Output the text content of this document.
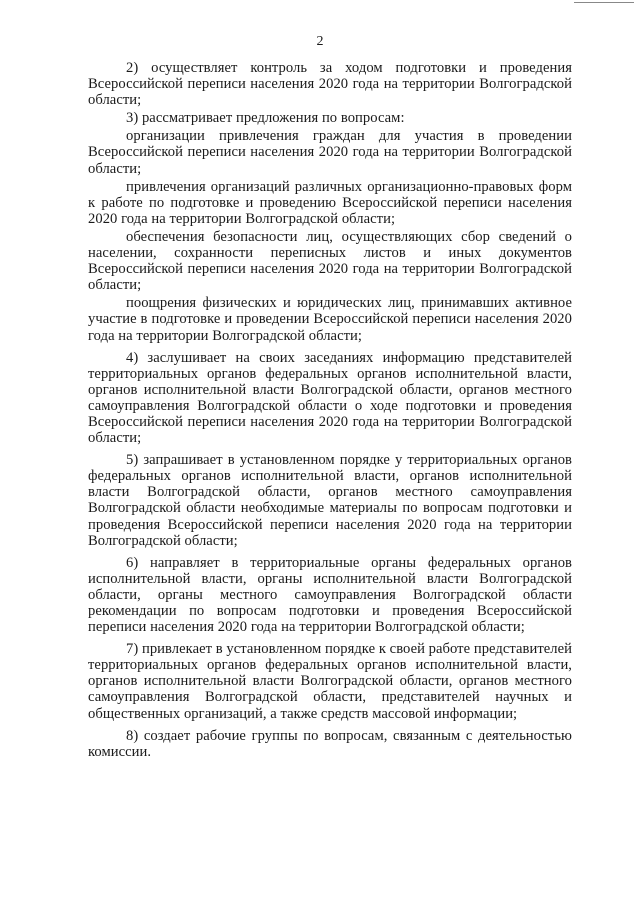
2

2) осуществляет контроль за ходом подготовки и проведения Всероссийской переписи населения 2020 года на территории Волгоградской области;

3) рассматривает предложения по вопросам:

организации привлечения граждан для участия в проведении Всероссийской переписи населения 2020 года на территории Волгоградской области;

привлечения организаций различных организационно-правовых форм к работе по подготовке и проведению Всероссийской переписи населения 2020 года на территории Волгоградской области;

обеспечения безопасности лиц, осуществляющих сбор сведений о населении, сохранности переписных листов и иных документов Всероссийской переписи населения 2020 года на территории Волгоградской области;

поощрения физических и юридических лиц, принимавших активное участие в подготовке и проведении Всероссийской переписи населения 2020 года на территории Волгоградской области;

4) заслушивает на своих заседаниях информацию представителей территориальных органов федеральных органов исполнительной власти, органов исполнительной власти Волгоградской области, органов местного самоуправления Волгоградской области о ходе подготовки и проведения Всероссийской переписи населения 2020 года на территории Волгоградской области;

5) запрашивает в установленном порядке у территориальных органов федеральных органов исполнительной власти, органов исполнительной власти Волгоградской области, органов местного самоуправления Волгоградской области необходимые материалы по вопросам подготовки и проведения Всероссийской переписи населения 2020 года на территории Волгоградской области;

6) направляет в территориальные органы федеральных органов исполнительной власти, органы исполнительной власти Волгоградской области, органы местного самоуправления Волгоградской области рекомендации по вопросам подготовки и проведения Всероссийской переписи населения 2020 года на территории Волгоградской области;

7) привлекает в установленном порядке к своей работе представителей территориальных органов федеральных органов исполнительной власти, органов исполнительной власти Волгоградской области, органов местного самоуправления Волгоградской области, представителей научных и общественных организаций, а также средств массовой информации;

8) создает рабочие группы по вопросам, связанным с деятельностью комиссии.
